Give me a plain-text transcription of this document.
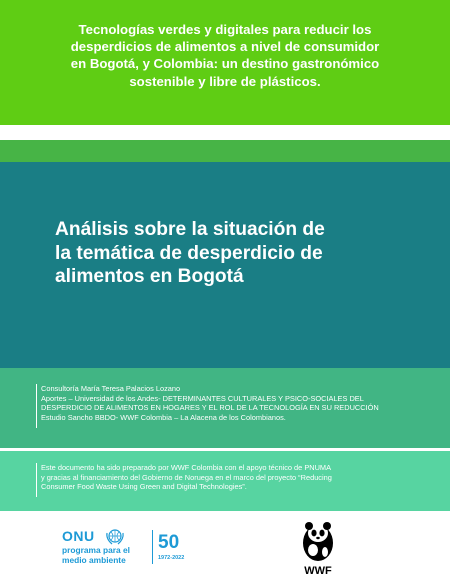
Tecnologías verdes y digitales para reducir los
desperdicios de alimentos a nivel de consumidor
en Bogotá, y Colombia: un destino gastronómico
sostenible y libre de plásticos.
Análisis sobre la situación de
la temática de desperdicio de
alimentos en Bogotá
Consultoría María Teresa Palacios Lozano
Aportes – Universidad de los Andes- DETERMINANTES CULTURALES Y PSICO-SOCIALES DEL
DESPERDICIO DE ALIMENTOS EN HOGARES Y EL ROL DE LA TECNOLOGÍA EN SU REDUCCIÓN
Estudio Sancho BBDO- WWF Colombia – La Alacena de los Colombianos.
Este documento ha sido preparado por WWF Colombia con el apoyo técnico de PNUMA
y gracias al financiamiento del Gobierno de Noruega en el marco del proyecto “Reducing
Consumer Food Waste Using Green and Digital Technologies”.
ONU
programa para el
medio ambiente
50
1972-2022
WWF
